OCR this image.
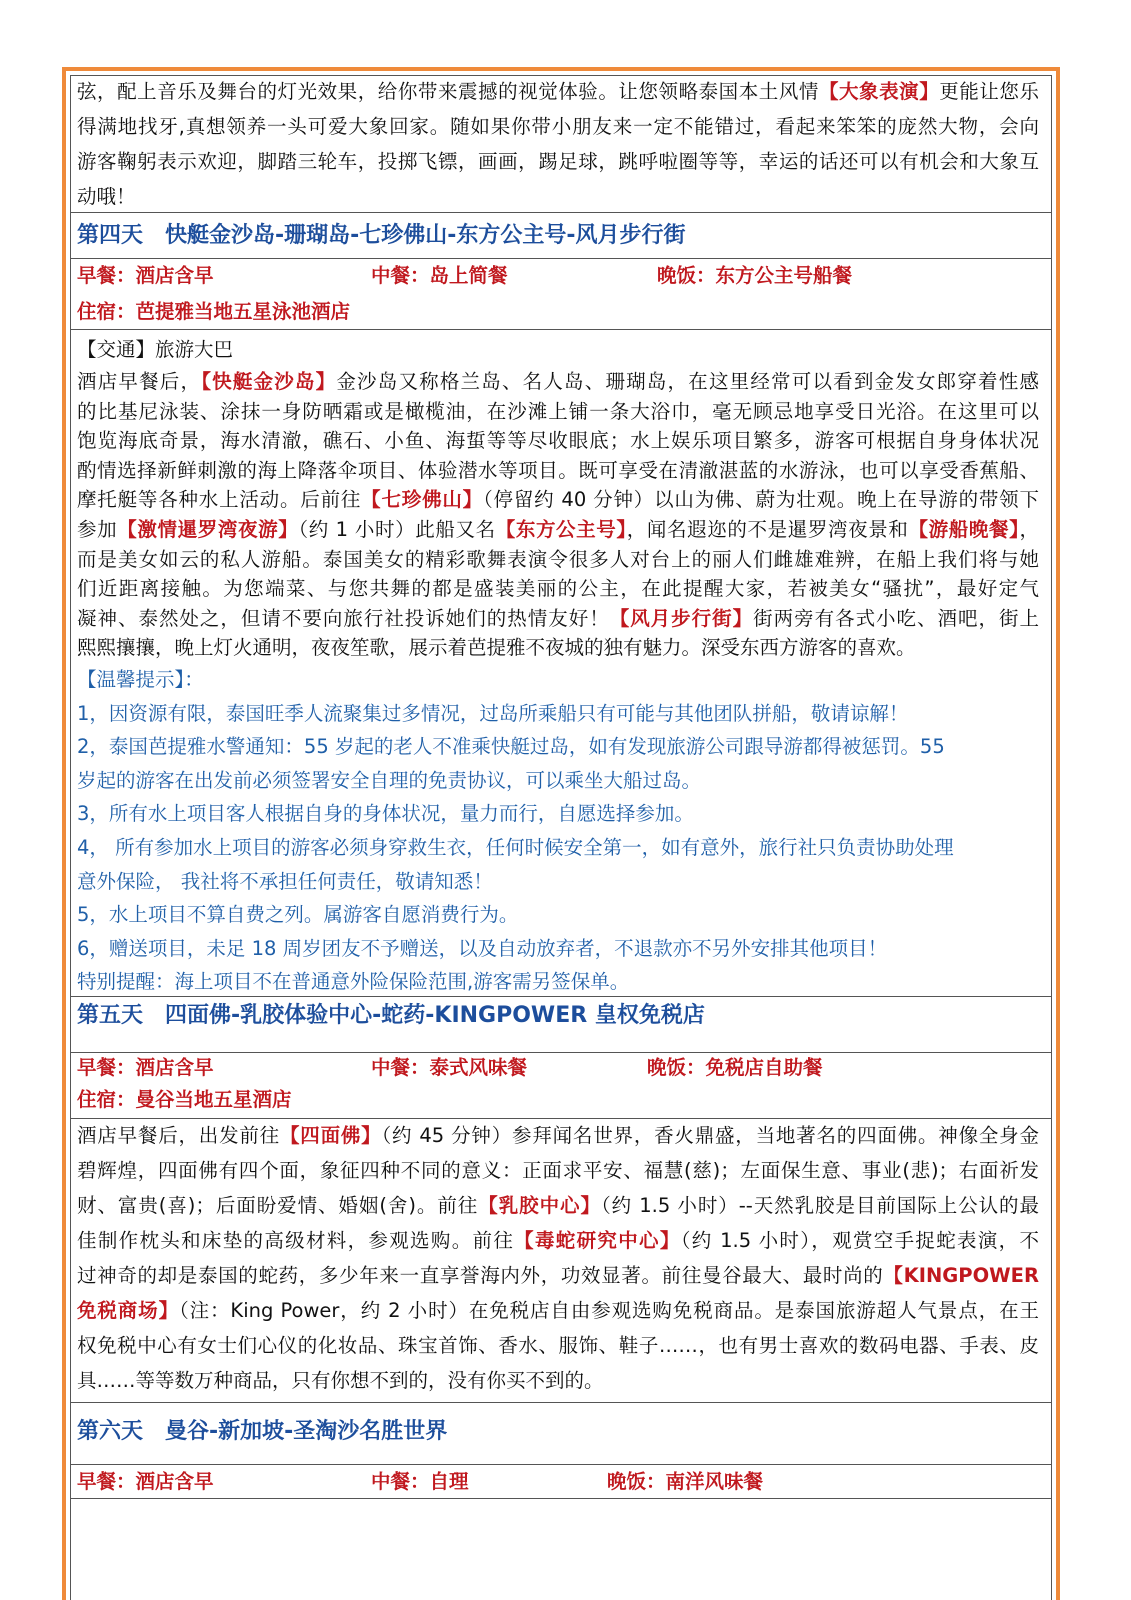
弦，配上音乐及舞台的灯光效果，给你带来震撼的视觉体验。让您领略泰国本土风情【大象表演】更能让您乐
得满地找牙,真想领养一头可爱大象回家。随如果你带小朋友来一定不能错过，看起来笨笨的庞然大物，会向
游客鞠躬表示欢迎，脚踏三轮车，投掷飞镖，画画，踢足球，跳呼啦圈等等，幸运的话还可以有机会和大象互
动哦！
第四天　快艇金沙岛-珊瑚岛-七珍佛山-东方公主号-风月步行街
早餐：酒店含早	中餐：岛上简餐	晚饭：东方公主号船餐
住宿：芭提雅当地五星泳池酒店
【交通】旅游大巴
酒店早餐后，【快艇金沙岛】金沙岛又称格兰岛、名人岛、珊瑚岛，在这里经常可以看到金发女郎穿着性感
的比基尼泳装、涂抹一身防晒霜或是橄榄油，在沙滩上铺一条大浴巾，毫无顾忌地享受日光浴。在这里可以
饱览海底奇景，海水清澈，礁石、小鱼、海蜇等等尽收眼底；水上娱乐项目繁多，游客可根据自身身体状况
酌情选择新鲜刺激的海上降落伞项目、体验潜水等项目。既可享受在清澈湛蓝的水游泳，也可以享受香蕉船、
摩托艇等各种水上活动。后前往【七珍佛山】（停留约 40 分钟）以山为佛、蔚为壮观。晚上在导游的带领下
参加【激情暹罗湾夜游】（约 1 小时）此船又名【东方公主号】，闻名遐迩的不是暹罗湾夜景和【游船晚餐】，
而是美女如云的私人游船。泰国美女的精彩歌舞表演令很多人对台上的丽人们雌雄难辨，在船上我们将与她
们近距离接触。为您端菜、与您共舞的都是盛装美丽的公主，在此提醒大家，若被美女“骚扰”，最好定气
凝神、泰然处之，但请不要向旅行社投诉她们的热情友好！【风月步行街】街两旁有各式小吃、酒吧，街上
熙熙攘攘，晚上灯火通明，夜夜笙歌，展示着芭提雅不夜城的独有魅力。深受东西方游客的喜欢。
【温馨提示】：
1，因资源有限，泰国旺季人流聚集过多情况，过岛所乘船只有可能与其他团队拼船，敬请谅解！
2，泰国芭提雅水警通知：55 岁起的老人不准乘快艇过岛，如有发现旅游公司跟导游都得被惩罚。55
岁起的游客在出发前必须签署安全自理的免责协议，可以乘坐大船过岛。
3，所有水上项目客人根据自身的身体状况，量力而行，自愿选择参加。
4， 所有参加水上项目的游客必须身穿救生衣，任何时候安全第一，如有意外，旅行社只负责协助处理
意外保险， 我社将不承担任何责任，敬请知悉！
5，水上项目不算自费之列。属游客自愿消费行为。
6，赠送项目，未足 18 周岁团友不予赠送，以及自动放弃者，不退款亦不另外安排其他项目！
特别提醒：海上项目不在普通意外险保险范围,游客需另签保单。
第五天　四面佛-乳胶体验中心-蛇药-KINGPOWER 皇权免税店
早餐：酒店含早	中餐：泰式风味餐	晚饭：免税店自助餐
住宿：曼谷当地五星酒店
酒店早餐后，出发前往【四面佛】（约 45 分钟）参拜闻名世界，香火鼎盛，当地著名的四面佛。神像全身金
碧辉煌，四面佛有四个面，象征四种不同的意义：正面求平安、福慧(慈)；左面保生意、事业(悲)；右面祈发
财、富贵(喜)；后面盼爱情、婚姻(舍)。前往【乳胶中心】（约 1.5 小时）--天然乳胶是目前国际上公认的最
佳制作枕头和床垫的高级材料，参观选购。前往【毒蛇研究中心】（约 1.5 小时），观赏空手捉蛇表演，不
过神奇的却是泰国的蛇药，多少年来一直享誉海内外，功效显著。前往曼谷最大、最时尚的【KINGPOWER
免税商场】（注：King Power，约 2 小时）在免税店自由参观选购免税商品。是泰国旅游超人气景点，在王
权免税中心有女士们心仪的化妆品、珠宝首饰、香水、服饰、鞋子……，也有男士喜欢的数码电器、手表、皮
具……等等数万种商品，只有你想不到的，没有你买不到的。
第六天　曼谷-新加坡-圣淘沙名胜世界
早餐：酒店含早	中餐：自理	晚饭：南洋风味餐
